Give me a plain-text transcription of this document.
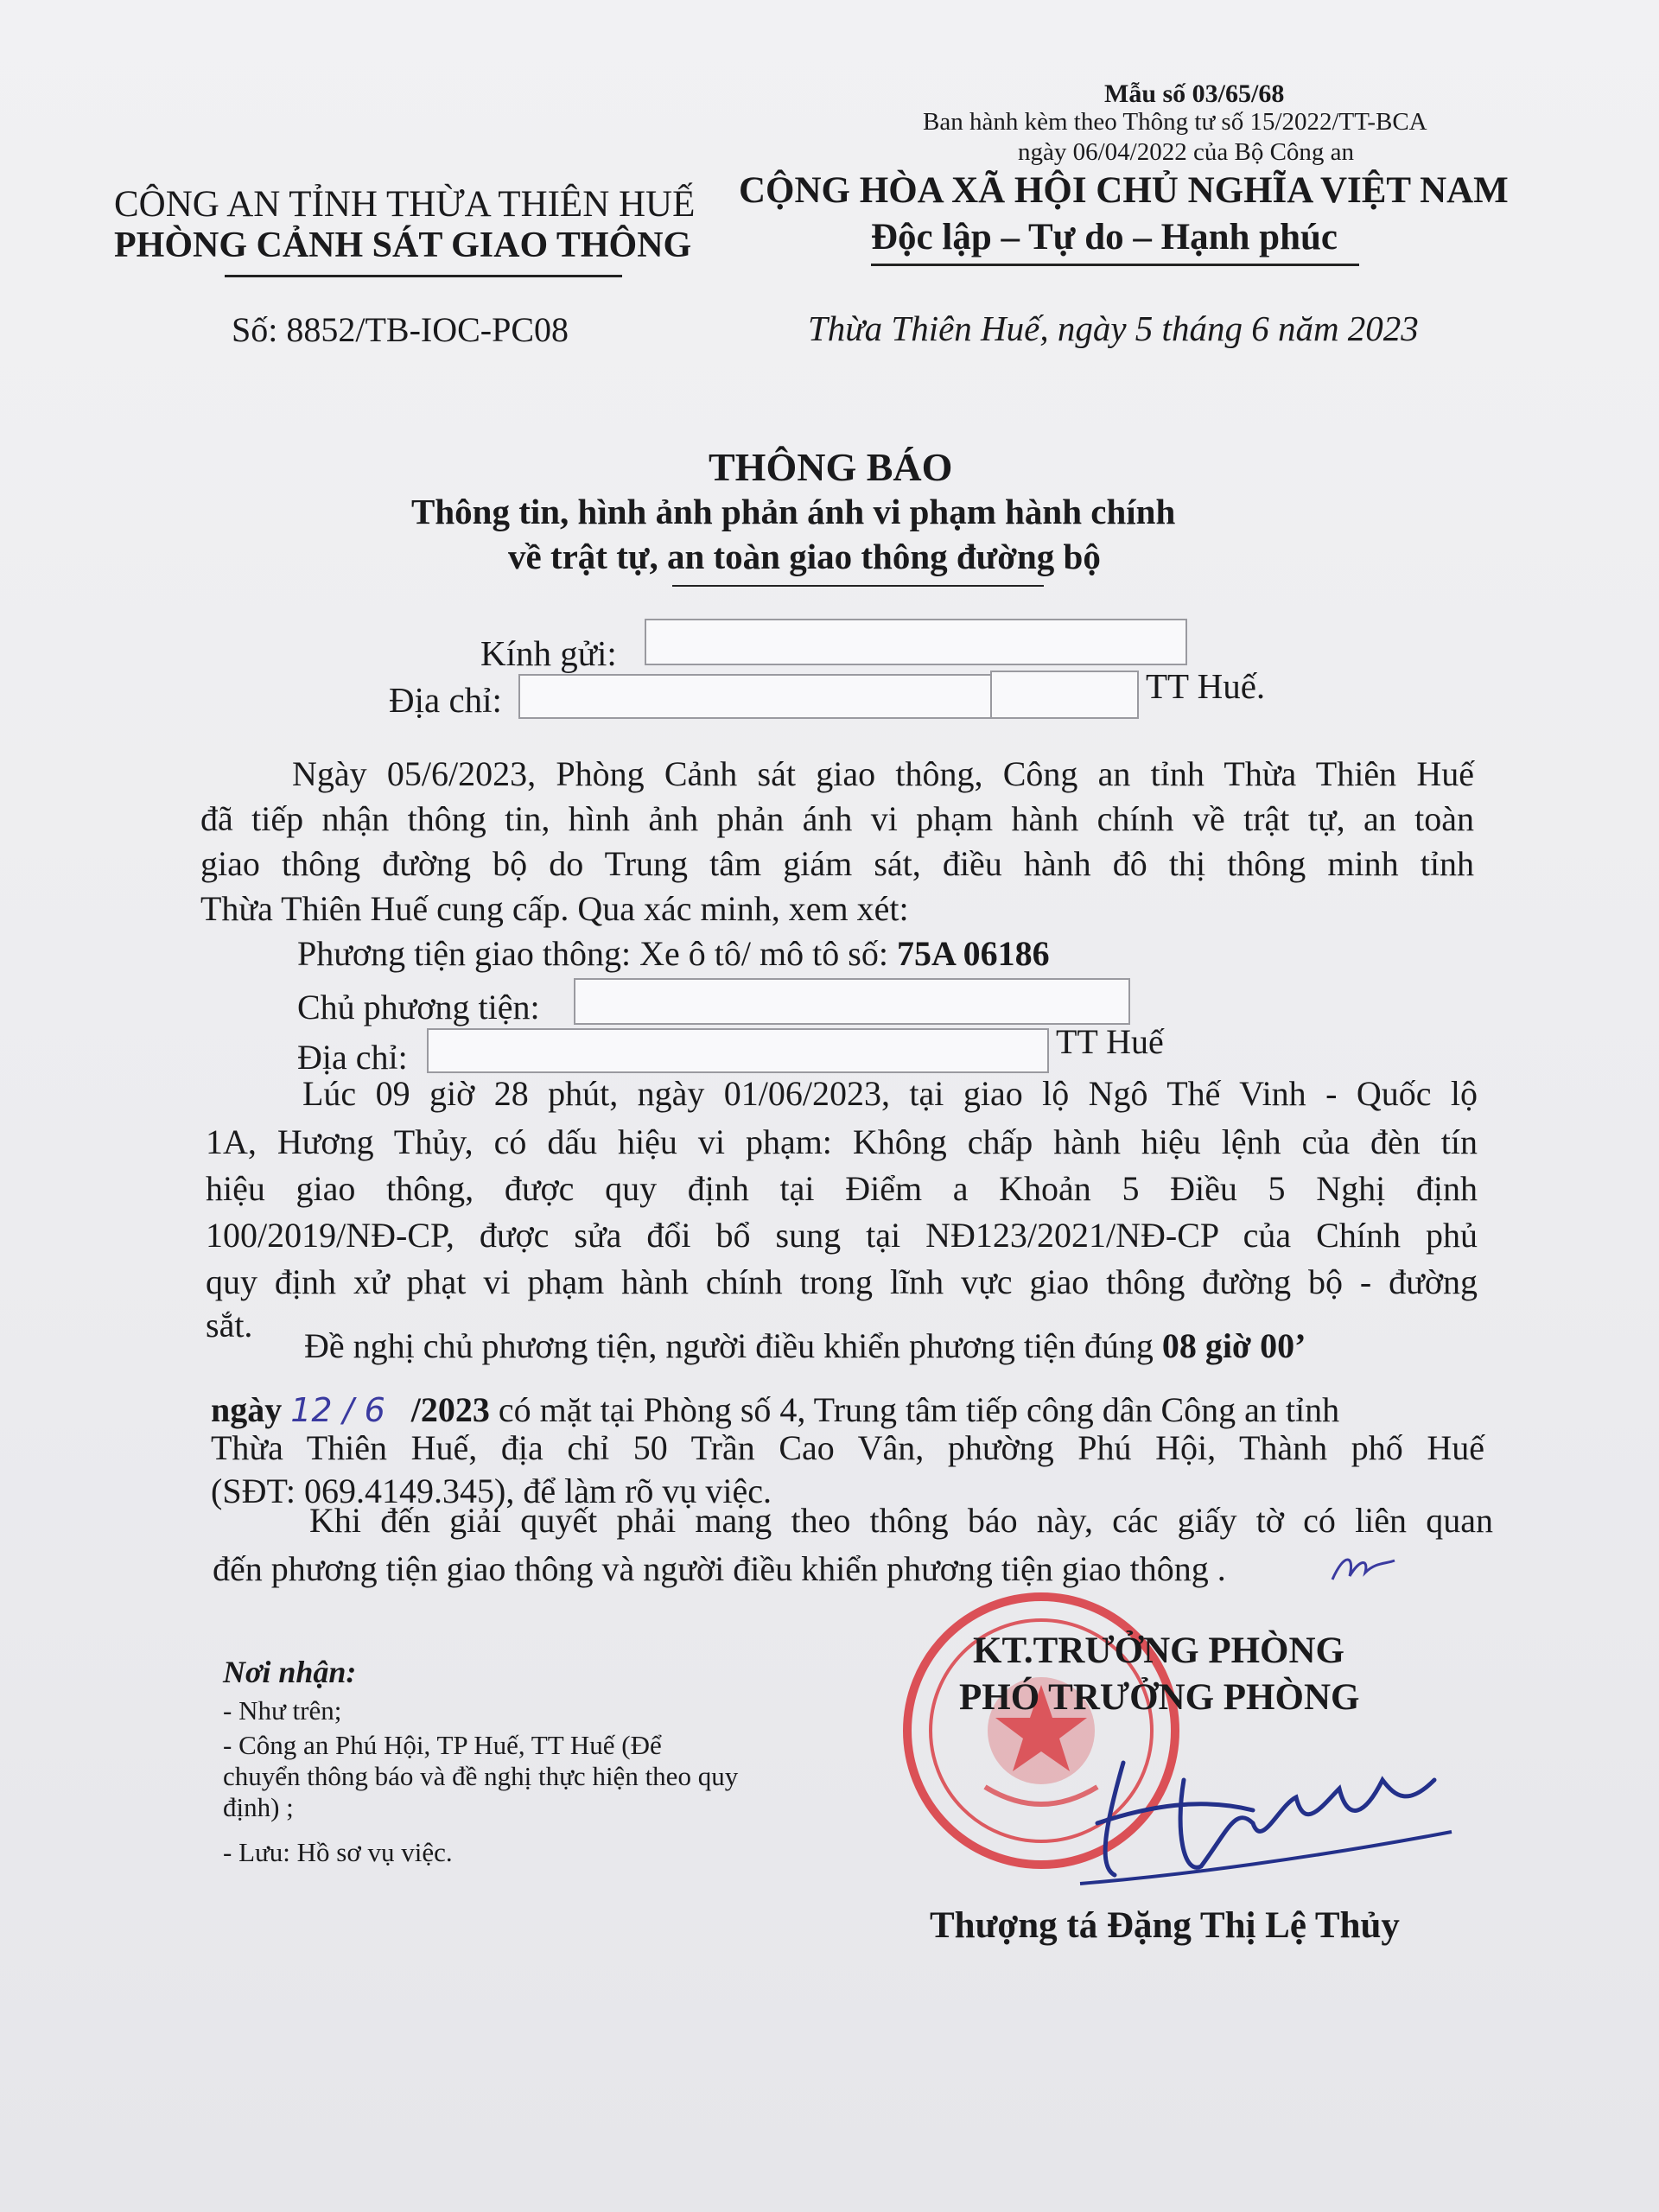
Mẫu số 03/65/68
Ban hành kèm theo Thông tư số 15/2022/TT-BCA
ngày 06/04/2022 của Bộ Công an
CÔNG AN TỈNH THỪA THIÊN HUẾ
PHÒNG CẢNH SÁT GIAO THÔNG
Số: 8852/TB-IOC-PC08
CỘNG HÒA XÃ HỘI CHỦ NGHĨA VIỆT NAM
Độc lập – Tự do – Hạnh phúc
Thừa Thiên Huế, ngày 5 tháng 6 năm 2023
THÔNG BÁO
Thông tin, hình ảnh phản ánh vi phạm hành chính
về trật tự, an toàn giao thông đường bộ
Kính gửi:
Địa chỉ:	TT Huế.
Ngày 05/6/2023, Phòng Cảnh sát giao thông, Công an tỉnh Thừa Thiên Huế
đã tiếp nhận thông tin, hình ảnh phản ánh vi phạm hành chính về trật tự, an toàn
giao thông đường bộ do Trung tâm giám sát, điều hành đô thị thông minh tỉnh
Thừa Thiên Huế cung cấp. Qua xác minh, xem xét:
Phương tiện giao thông: Xe ô tô/ mô tô số: 75A 06186
Chủ phương tiện:
Địa chỉ:	TT Huế
Lúc 09 giờ 28 phút, ngày 01/06/2023, tại giao lộ Ngô Thế Vinh - Quốc lộ
1A, Hương Thủy, có dấu hiệu vi phạm: Không chấp hành hiệu lệnh của đèn tín
hiệu giao thông, được quy định tại Điểm a Khoản 5 Điều 5 Nghị định
100/2019/NĐ-CP, được sửa đổi bổ sung tại NĐ123/2021/NĐ-CP của Chính phủ
quy định xử phạt vi phạm hành chính trong lĩnh vực giao thông đường bộ - đường
sắt.
Đề nghị chủ phương tiện, người điều khiển phương tiện đúng 08 giờ 00’
ngày 12 / 6 /2023 có mặt tại Phòng số 4, Trung tâm tiếp công dân Công an tỉnh
Thừa Thiên Huế, địa chỉ 50 Trần Cao Vân, phường Phú Hội, Thành phố Huế
(SĐT: 069.4149.345), để làm rõ vụ việc.
Khi đến giải quyết phải mang theo thông báo này, các giấy tờ có liên quan
đến phương tiện giao thông và người điều khiển phương tiện giao thông .
Nơi nhận:
- Như trên;
- Công an Phú Hội, TP Huế, TT Huế (Để
chuyển thông báo và đề nghị thực hiện theo quy
định) ;
- Lưu: Hồ sơ vụ việc.
KT.TRƯỞNG PHÒNG
PHÓ TRƯỞNG PHÒNG
Thượng tá Đặng Thị Lệ Thủy
